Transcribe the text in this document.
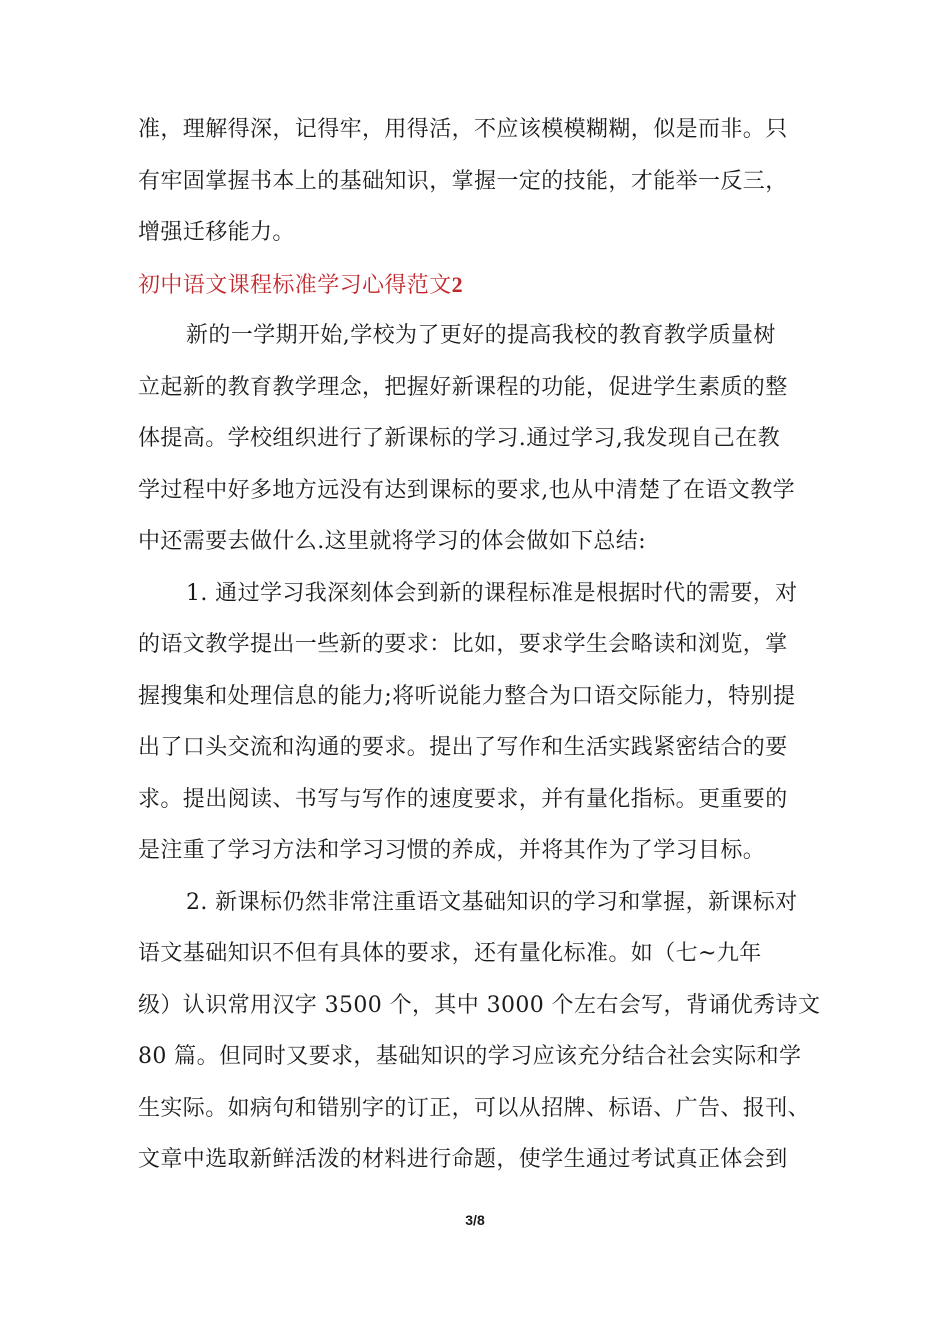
准，理解得深，记得牢，用得活，不应该模模糊糊，似是而非。只
有牢固掌握书本上的基础知识，掌握一定的技能，才能举一反三，
增强迁移能力。
初中语文课程标准学习心得范文2
新的一学期开始,学校为了更好的提高我校的教育教学质量树
立起新的教育教学理念，把握好新课程的功能，促进学生素质的整
体提高。学校组织进行了新课标的学习.通过学习,我发现自己在教
学过程中好多地方远没有达到课标的要求,也从中清楚了在语文教学
中还需要去做什么.这里就将学习的体会做如下总结:
1. 通过学习我深刻体会到新的课程标准是根据时代的需要，对
的语文教学提出一些新的要求：比如，要求学生会略读和浏览，掌
握搜集和处理信息的能力;将听说能力整合为口语交际能力，特别提
出了口头交流和沟通的要求。提出了写作和生活实践紧密结合的要
求。提出阅读、书写与写作的速度要求，并有量化指标。更重要的
是注重了学习方法和学习习惯的养成，并将其作为了学习目标。
2. 新课标仍然非常注重语文基础知识的学习和掌握，新课标对
语文基础知识不但有具体的要求，还有量化标准。如（七~九年
级）认识常用汉字 3500 个，其中 3000 个左右会写，背诵优秀诗文
80 篇。但同时又要求，基础知识的学习应该充分结合社会实际和学
生实际。如病句和错别字的订正，可以从招牌、标语、广告、报刊、
文章中选取新鲜活泼的材料进行命题，使学生通过考试真正体会到
3/8
